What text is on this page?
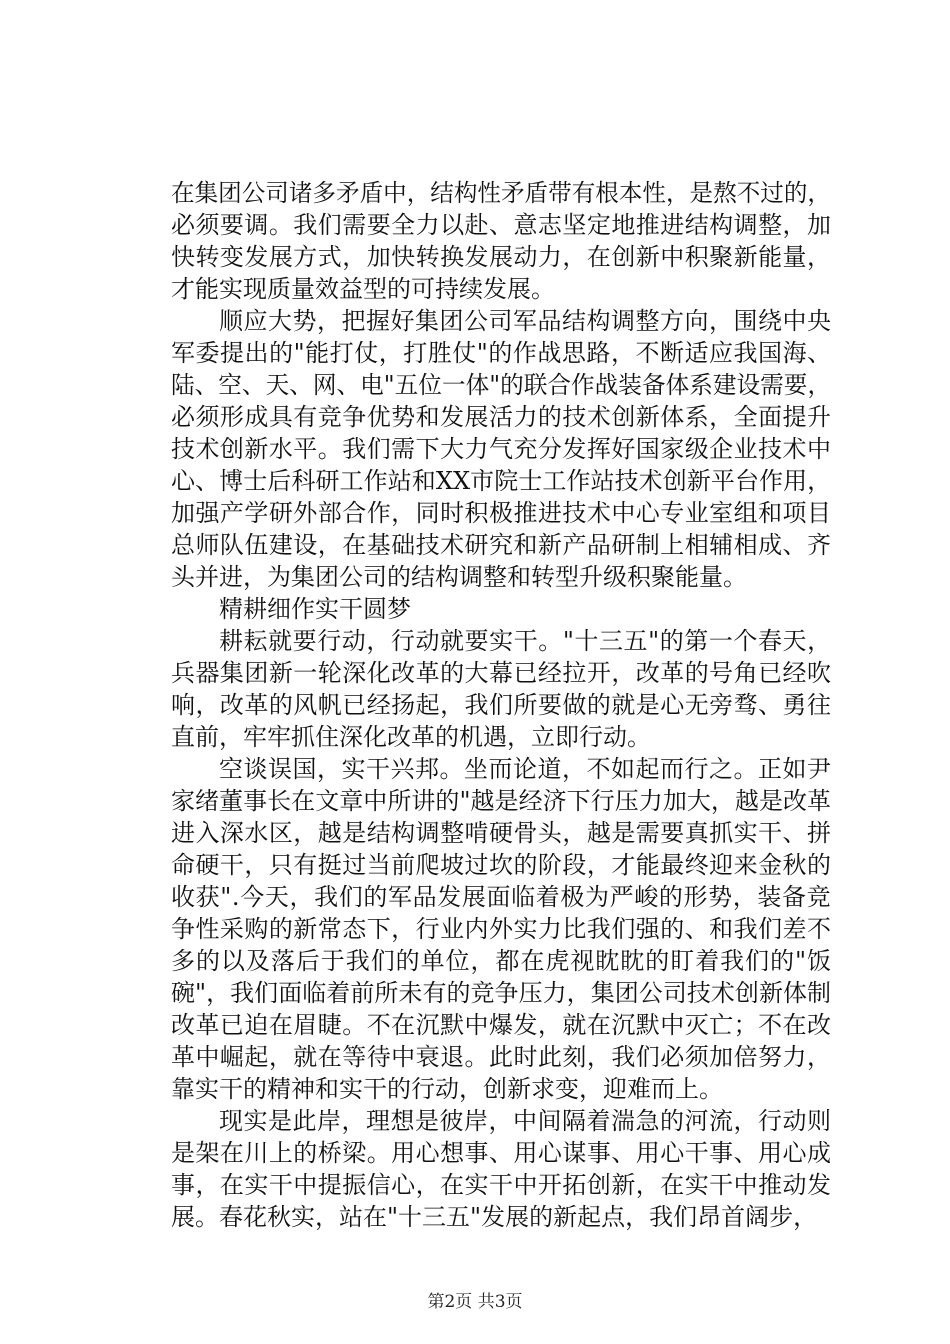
在集团公司诸多矛盾中，结构性矛盾带有根本性，是熬不过的，
必须要调。我们需要全力以赴、意志坚定地推进结构调整，加
快转变发展方式，加快转换发展动力，在创新中积聚新能量，
才能实现质量效益型的可持续发展。
顺应大势，把握好集团公司军品结构调整方向，围绕中央
军委提出的"能打仗，打胜仗"的作战思路，不断适应我国海、
陆、空、天、网、电"五位一体"的联合作战装备体系建设需要，
必须形成具有竞争优势和发展活力的技术创新体系，全面提升
技术创新水平。我们需下大力气充分发挥好国家级企业技术中
心、博士后科研工作站和XX市院士工作站技术创新平台作用，
加强产学研外部合作，同时积极推进技术中心专业室组和项目
总师队伍建设，在基础技术研究和新产品研制上相辅相成、齐
头并进，为集团公司的结构调整和转型升级积聚能量。
精耕细作实干圆梦
耕耘就要行动，行动就要实干。"十三五"的第一个春天，
兵器集团新一轮深化改革的大幕已经拉开，改革的号角已经吹
响，改革的风帆已经扬起，我们所要做的就是心无旁骛、勇往
直前，牢牢抓住深化改革的机遇，立即行动。
空谈误国，实干兴邦。坐而论道，不如起而行之。正如尹
家绪董事长在文章中所讲的"越是经济下行压力加大，越是改革
进入深水区，越是结构调整啃硬骨头，越是需要真抓实干、拼
命硬干，只有挺过当前爬坡过坎的阶段，才能最终迎来金秋的
收获".今天，我们的军品发展面临着极为严峻的形势，装备竞
争性采购的新常态下，行业内外实力比我们强的、和我们差不
多的以及落后于我们的单位，都在虎视眈眈的盯着我们的"饭
碗"，我们面临着前所未有的竞争压力，集团公司技术创新体制
改革已迫在眉睫。不在沉默中爆发，就在沉默中灭亡；不在改
革中崛起，就在等待中衰退。此时此刻，我们必须加倍努力，
靠实干的精神和实干的行动，创新求变，迎难而上。
现实是此岸，理想是彼岸，中间隔着湍急的河流，行动则
是架在川上的桥梁。用心想事、用心谋事、用心干事、用心成
事，在实干中提振信心，在实干中开拓创新，在实干中推动发
展。春花秋实，站在"十三五"发展的新起点，我们昂首阔步，
第2页 共3页
